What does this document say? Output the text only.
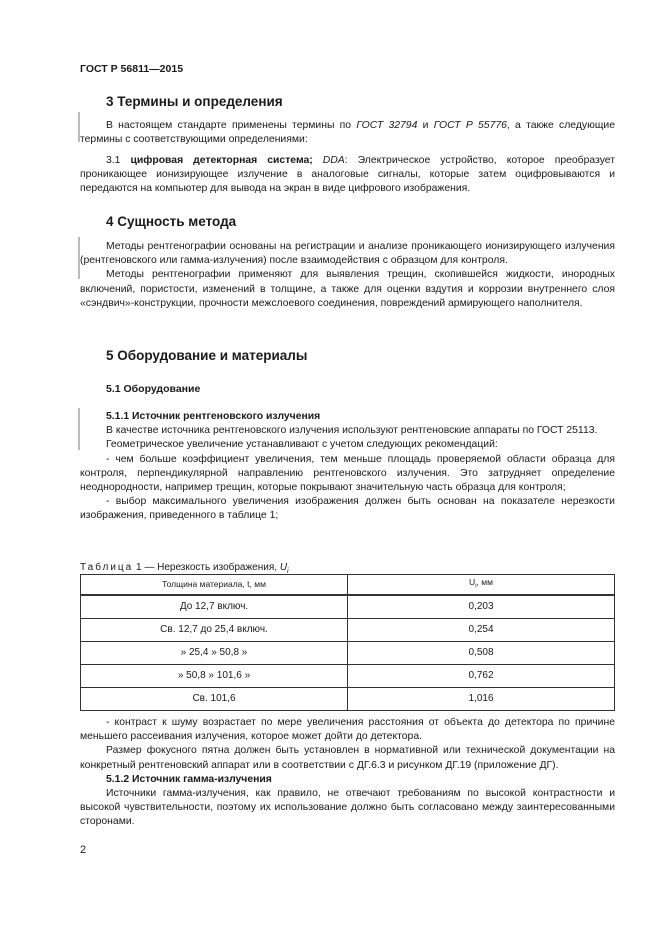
ГОСТ Р 56811—2015
3 Термины и определения

В настоящем стандарте применены термины по ГОСТ 32794 и ГОСТ Р 55776, а также следующие термины с соответствующими определениями:

3.1 цифровая детекторная система; DDA: Электрическое устройство, которое преобразует проникающее ионизирующее излучение в аналоговые сигналы, которые затем оцифровываются и передаются на компьютер для вывода на экран в виде цифрового изображения.

4 Сущность метода

Методы рентгенографии основаны на регистрации и анализе проникающего ионизирующего излучения (рентгеновского или гамма-излучения) после взаимодействия с образцом для контроля.

Методы рентгенографии применяют для выявления трещин, скопившейся жидкости, инородных включений, пористости, изменений в толщине, а также для оценки вздутия и коррозии внутреннего слоя «сэндвич»-конструкции, прочности межслоевого соединения, повреждений армирующего наполнителя.

5 Оборудование и материалы
5.1 Оборудование

5.1.1 Источник рентгеновского излучения

В качестве источника рентгеновского излучения используют рентгеновские аппараты по ГОСТ 25113.

Геометрическое увеличение устанавливают с учетом следующих рекомендаций:

- чем больше коэффициент увеличения, тем меньше площадь проверяемой области образца для контроля, перпендикулярной направлению рентгеновского излучения. Это затрудняет определение неоднородности, например трещин, которые покрывают значительную часть образца для контроля;

- выбор максимального увеличения изображения должен быть основан на показателе нерезкости изображения, приведенного в таблице 1;

Таблица 1 — Нерезкость изображения, $U_i$
Толщина материала, t, мм	$U_i$, мм
До 12,7 включ.	0,203
Св. 12,7 до 25,4 включ.	0,254
» 25,4 » 50,8 »	0,508
» 50,8 » 101,6 »	0,762
Св. 101,6	1,016

- контраст к шуму возрастает по мере увеличения расстояния от объекта до детектора по причине меньшего рассеивания излучения, которое может дойти до детектора.

Размер фокусного пятна должен быть установлен в нормативной или технической документации на конкретный рентгеновский аппарат или в соответствии с ДГ.6.3 и рисунком ДГ.19 (приложение ДГ).

5.1.2 Источник гамма-излучения

Источники гамма-излучения, как правило, не отвечают требованиям по высокой контрастности и высокой чувствительности, поэтому их использование должно быть согласовано между заинтересованными сторонами.

2
